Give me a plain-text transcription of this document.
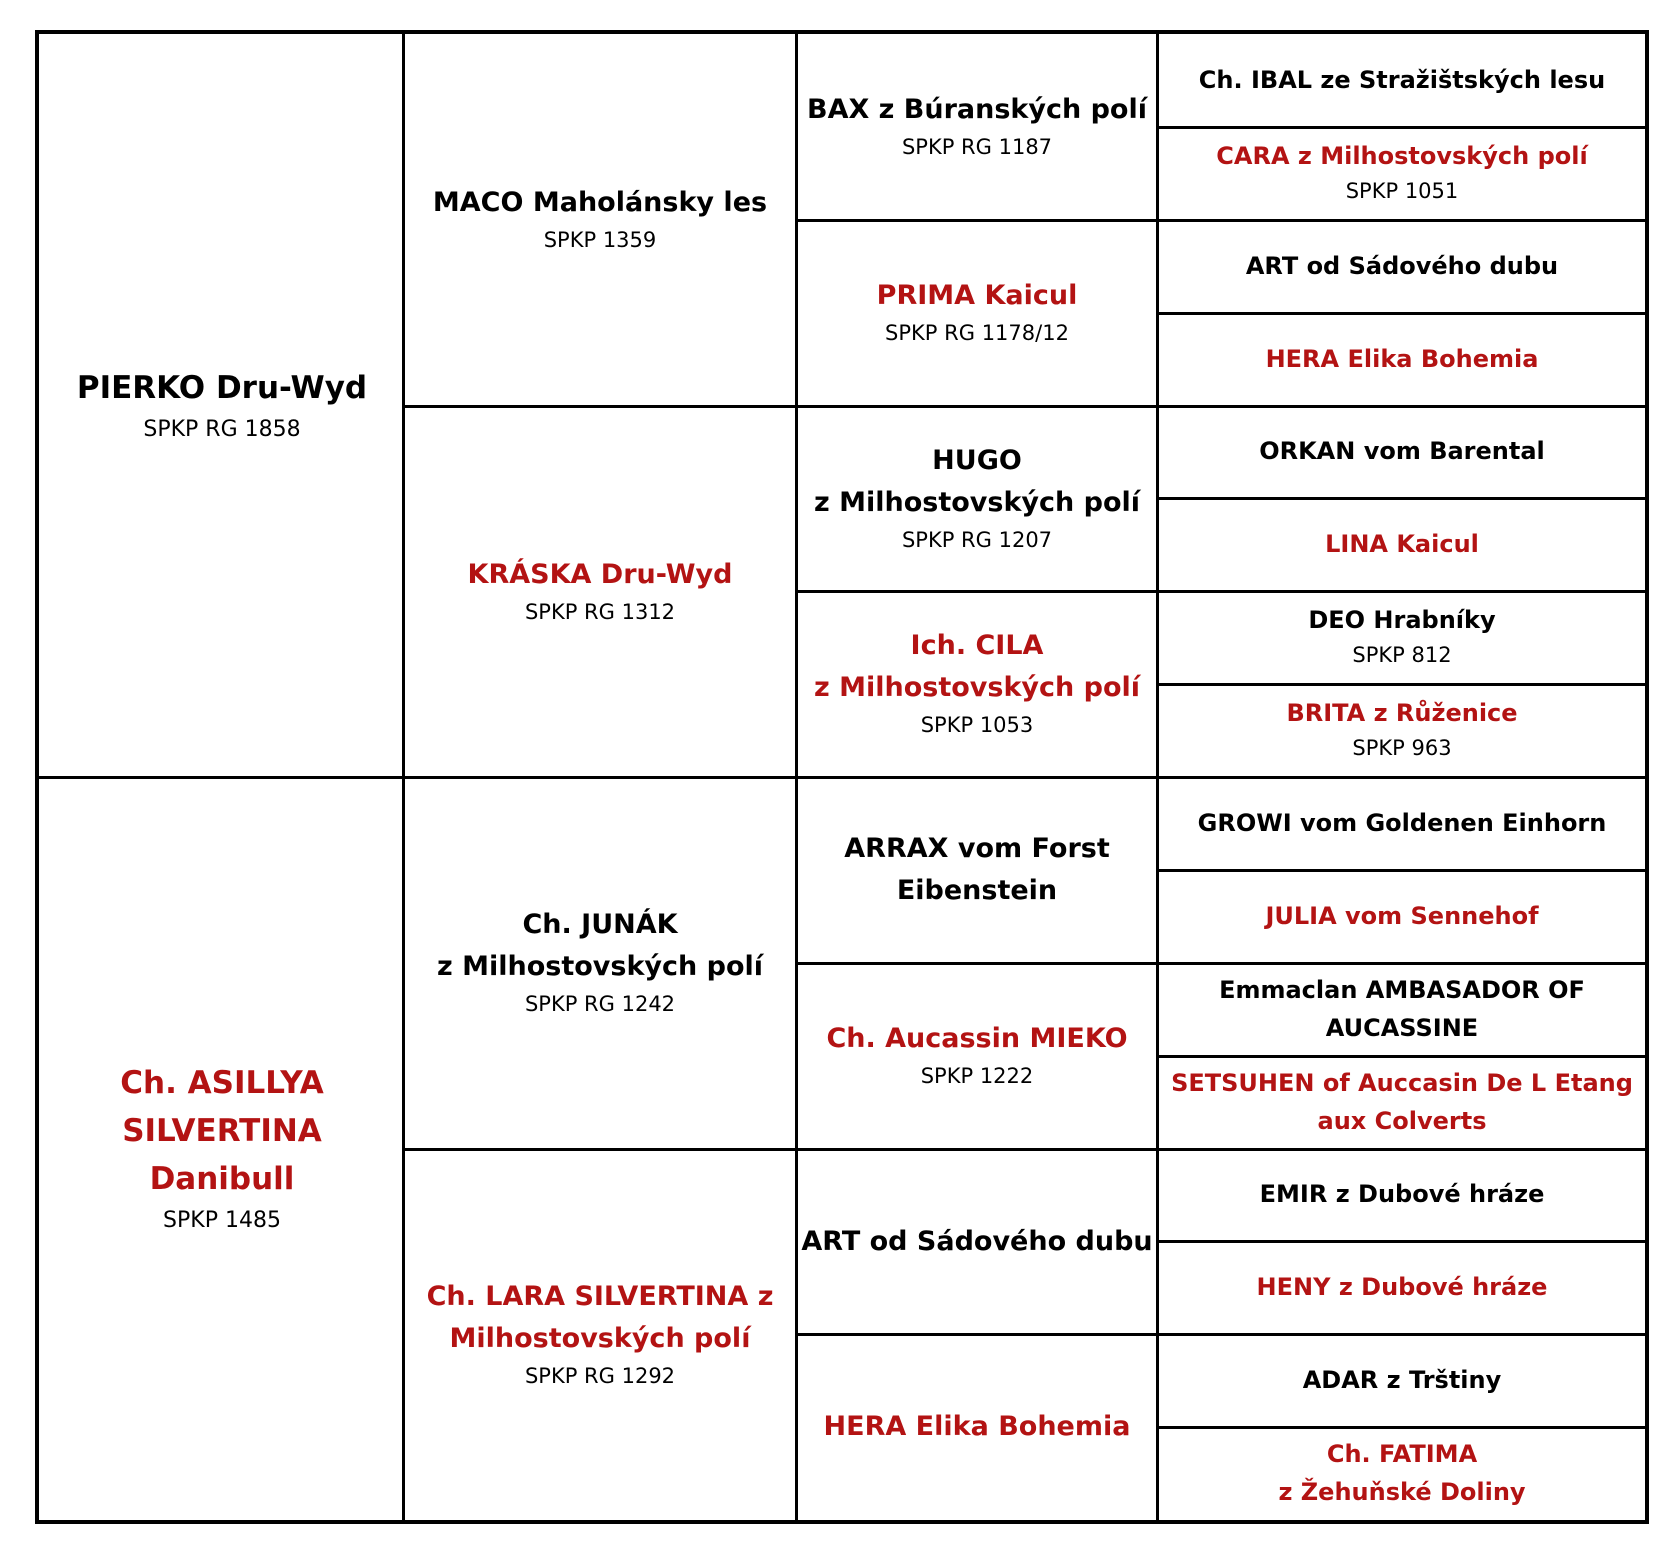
PIERKO Dru-Wyd
SPKP RG 1858
Ch. ASILLYA SILVERTINA
Danibull
SPKP 1485
MACO Maholánsky les
SPKP 1359
KRÁSKA Dru-Wyd
SPKP RG 1312
Ch. JUNÁK
z Milhostovských polí
SPKP RG 1242
Ch. LARA SILVERTINA z
Milhostovských polí
SPKP RG 1292
BAX z Búranských polí
SPKP RG 1187
PRIMA Kaicul
SPKP RG 1178/12
HUGO
z Milhostovských polí
SPKP RG 1207
Ich. CILA
z Milhostovských polí
SPKP 1053
ARRAX vom Forst
Eibenstein
Ch. Aucassin MIEKO
SPKP 1222
ART od Sádového dubu
HERA Elika Bohemia
Ch. IBAL ze Stražištských lesu
CARA z Milhostovských polí
SPKP 1051
ART od Sádového dubu
HERA Elika Bohemia
ORKAN vom Barental
LINA Kaicul
DEO Hrabníky
SPKP 812
BRITA z Růženice
SPKP 963
GROWI vom Goldenen Einhorn
JULIA vom Sennehof
Emmaclan AMBASADOR OF
AUCASSINE
SETSUHEN of Auccasin De L Etang
aux Colverts
EMIR z Dubové hráze
HENY z Dubové hráze
ADAR z Trštiny
Ch. FATIMA
z Žehuňské Doliny
